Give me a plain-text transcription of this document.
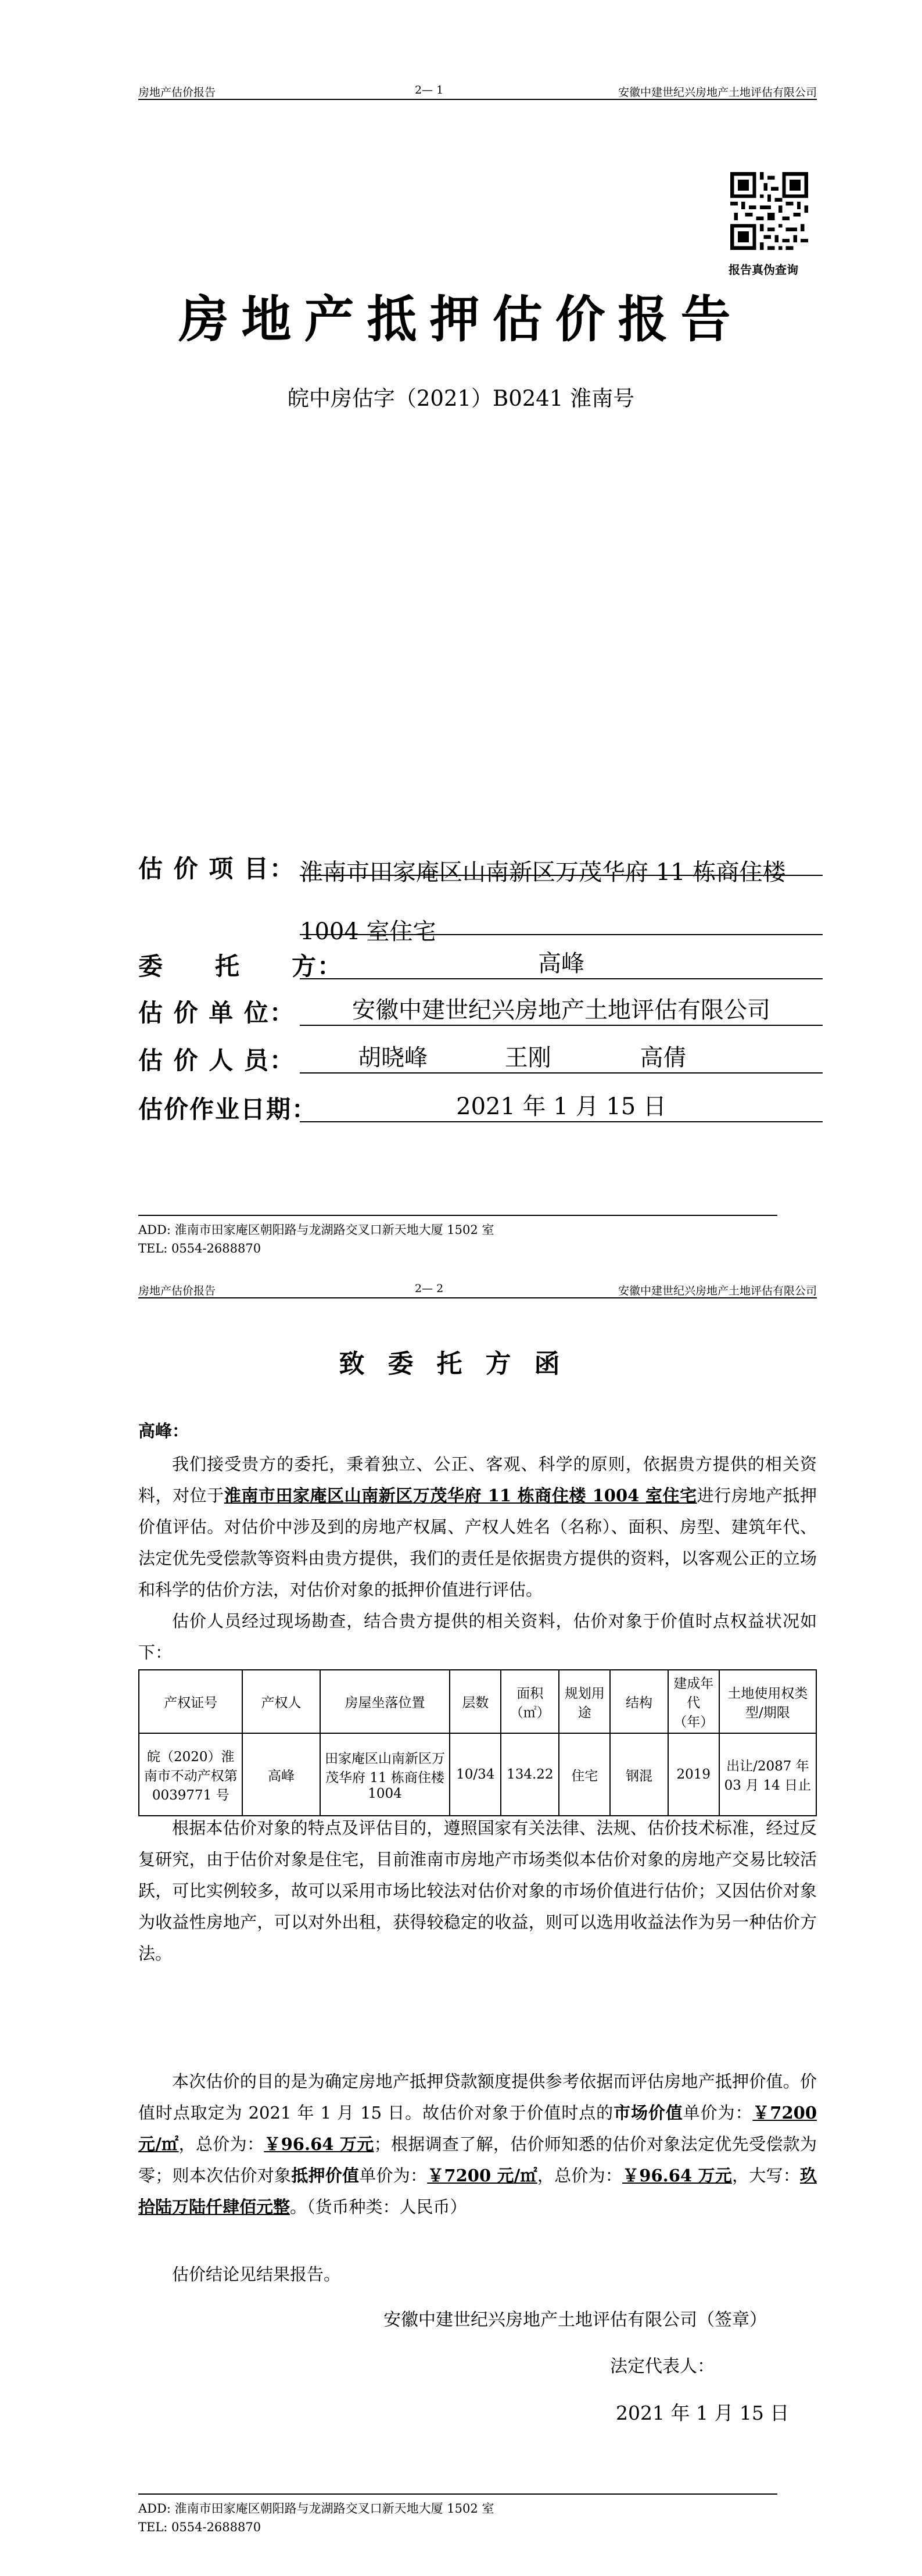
房地产估价报告	2— 1	安徽中建世纪兴房地产土地评估有限公司
报告真伪查询
房地产抵押估价报告
皖中房估字（2021）B0241 淮南号
估 价 项 目： 淮南市田家庵区山南新区万茂华府 11 栋商住楼 1004 室住宅
委　　托　　方：	高峰
估 价 单 位：	安徽中建世纪兴房地产土地评估有限公司
估 价 人 员：	胡晓峰	王刚	高倩
估价作业日期：	2021 年 1 月 15 日
ADD: 淮南市田家庵区朝阳路与龙湖路交叉口新天地大厦 1502 室
TEL: 0554-2688870
房地产估价报告	2— 2	安徽中建世纪兴房地产土地评估有限公司
致委托方函
高峰：
我们接受贵方的委托，秉着独立、公正、客观、科学的原则，依据贵方提供的相关资料，对位于淮南市田家庵区山南新区万茂华府 11 栋商住楼 1004 室住宅进行房地产抵押价值评估。对估价中涉及到的房地产权属、产权人姓名（名称）、面积、房型、建筑年代、法定优先受偿款等资料由贵方提供，我们的责任是依据贵方提供的资料，以客观公正的立场和科学的估价方法，对估价对象的抵押价值进行评估。
估价人员经过现场勘查，结合贵方提供的相关资料，估价对象于价值时点权益状况如下：
产权证号	产权人	房屋坐落位置	层数	面积（㎡）	规划用途	结构	建成年代（年）	土地使用权类型/期限
皖（2020）淮南市不动产权第 0039771 号	高峰	田家庵区山南新区万茂华府 11 栋商住楼 1004	10/34	134.22	住宅	钢混	2019	出让/2087 年 03 月 14 日止
根据本估价对象的特点及评估目的，遵照国家有关法律、法规、估价技术标准，经过反复研究，由于估价对象是住宅，目前淮南市房地产市场类似本估价对象的房地产交易比较活跃，可比实例较多，故可以采用市场比较法对估价对象的市场价值进行估价；又因估价对象为收益性房地产，可以对外出租，获得较稳定的收益，则可以选用收益法作为另一种估价方法。
本次估价的目的是为确定房地产抵押贷款额度提供参考依据而评估房地产抵押价值。价值时点取定为 2021 年 1 月 15 日。故估价对象于价值时点的市场价值单价为：￥7200 元/㎡，总价为：￥96.64 万元；根据调查了解，估价师知悉的估价对象法定优先受偿款为零；则本次估价对象抵押价值单价为：￥7200 元/㎡，总价为：￥96.64 万元，大写：玖拾陆万陆仟肆佰元整。（货币种类：人民币）
估价结论见结果报告。
安徽中建世纪兴房地产土地评估有限公司（签章）
法定代表人：
2021 年 1 月 15 日
ADD: 淮南市田家庵区朝阳路与龙湖路交叉口新天地大厦 1502 室
TEL: 0554-2688870
